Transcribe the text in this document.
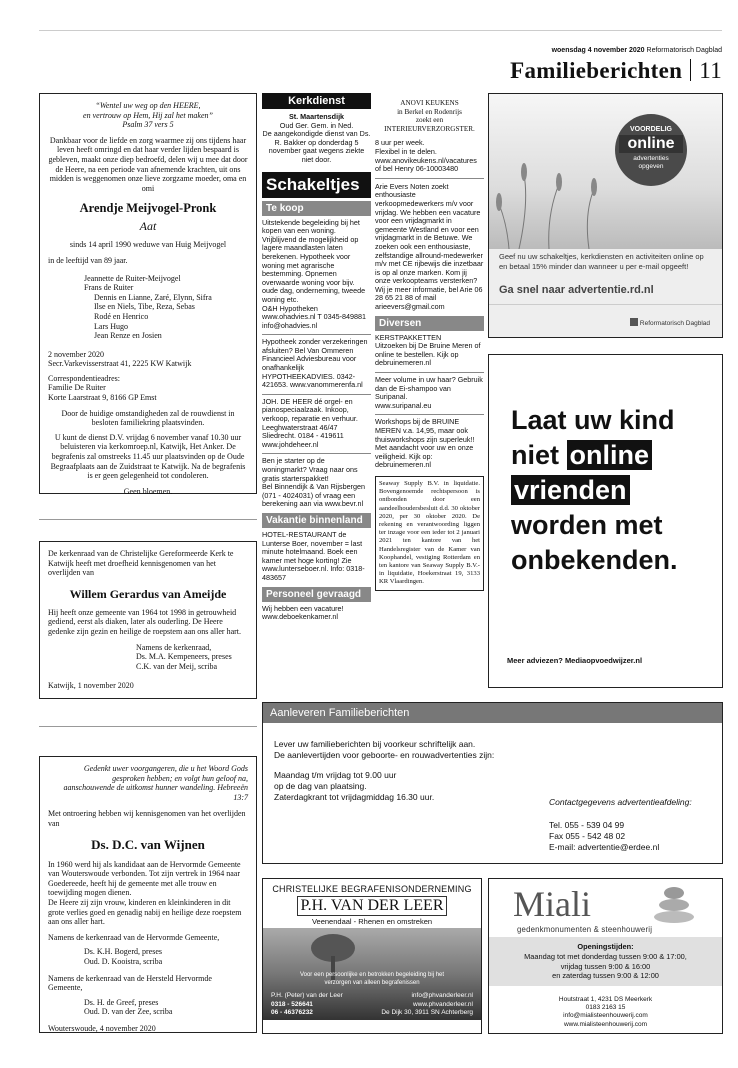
woensdag 4 november 2020 Reformatorisch Dagblad
Familieberichten 11
“Wentel uw weg op den HEERE,
en vertrouw op Hem, Hij zal het maken”
Psalm 37 vers 5
Dankbaar voor de liefde en zorg waarmee zij ons tijdens haar leven heeft omringd en dat haar verder lijden bespaard is gebleven, maakt onze diep bedroefd, delen wij u mee dat door de Heere, na een periode van afnemende krachten, uit ons midden is weggenomen onze lieve zorgzame moeder, oma en omi
Arendje Meijvogel-Pronk
Aat
sinds 14 april 1990 weduwe van Huig Meijvogel
in de leeftijd van 89 jaar.
Jeannette de Ruiter-Meijvogel
Frans de Ruiter
Dennis en Lianne, Zaré, Elynn, Sifra
Ilse en Niels, Tibe, Reza, Sebas
Rodé en Henrico
Lars Hugo
Jean Renze en Josien
2 november 2020
Secr.Varkevisserstraat 41, 2225 KW Katwijk
Correspondentieadres:
Familie De Ruiter
Korte Laarstraat 9, 8166 GP Emst
Door de huidige omstandigheden zal de rouwdienst in besloten familiekring plaatsvinden.
U kunt de dienst D.V. vrijdag 6 november vanaf 10.30 uur beluisteren via kerkomroep.nl, Katwijk, Het Anker. De begrafenis zal omstreeks 11.45 uur plaatsvinden op de Oude Begraafplaats aan de Zuidstraat te Katwijk. Na de begrafenis is er geen gelegenheid tot condoleren.
Geen bloemen.
De kerkenraad van de Christelijke Gereformeerde Kerk te Katwijk heeft met droefheid kennisgenomen van het overlijden van
Willem Gerardus van Ameijde
Hij heeft onze gemeente van 1964 tot 1998 in getrouwheid gediend, eerst als diaken, later als ouderling. De Heere gedenke zijn gezin en heilige de roepstem aan ons aller hart.
Namens de kerkenraad,
Ds. M.A. Kempeneers, preses
C.K. van der Meij, scriba
Katwijk, 1 november 2020
Gedenkt uwer voorgangeren, die u het Woord Gods gesproken hebben; en volgt hun geloof na, aanschouwende de uitkomst hunner wandeling. Hebreeën 13:7
Met ontroering hebben wij kennisgenomen van het overlijden van
Ds. D.C. van Wijnen
In 1960 werd hij als kandidaat aan de Hervormde Gemeente van Wouterswoude verbonden. Tot zijn vertrek in 1964 naar Goedereede, heeft hij de gemeente met alle trouw en toewijding mogen dienen.
De Heere zij zijn vrouw, kinderen en kleinkinderen in dit grote verlies goed en genadig nabij en heilige deze roepstem aan ons aller hart.
Namens de kerkenraad van de Hervormde Gemeente,
Ds. K.H. Bogerd, preses
Oud. D. Kooistra, scriba
Namens de kerkenraad van de Hersteld Hervormde Gemeente,
Ds. H. de Greef, preses
Oud. D. van der Zee, scriba
Wouterswoude, 4 november 2020
Kerkdienst
St. Maartensdijk
Oud Ger. Gem. in Ned.
De aangekondigde dienst van Ds. R. Bakker op donderdag 5 november gaat wegens ziekte niet door.
Schakeltjes
Te koop
Uitstekende begeleiding bij het kopen van een woning. Vrijblijvend de mogelijkheid op lagere maandlasten laten berekenen. Hypotheek voor woning met agrarische bestemming. Opnemen overwaarde woning voor bijv. oude dag, onderneming, tweede woning etc.
O&H Hypotheken
www.ohadvies.nl T 0345-849881 info@ohadvies.nl
Hypotheek zonder verzekeringen afsluiten? Bel Van Ommeren Financieel Adviesbureau voor onafhankelijk HYPOTHEEKADVIES. 0342-421653. www.vanommerenfa.nl
JOH. DE HEER dé orgel- en pianospeciaalzaak. Inkoop, verkoop, reparatie en verhuur. Leeghwaterstraat 46/47 Sliedrecht. 0184 - 419611 www.johdeheer.nl
Ben je starter op de woningmarkt? Vraag naar ons gratis starterspakket!
Bel Binnendijk & Van Rijsbergen (071 - 4024031) of vraag een berekening aan via www.bevr.nl
Vakantie binnenland
HOTEL-RESTAURANT de Lunterse Boer, november = last minute hotelmaand. Boek een kamer met hoge korting! Zie www.lunterseboer.nl. Info: 0318-483657
Personeel gevraagd
Wij hebben een vacature!
www.deboekenkamer.nl
ANOVI KEUKENS
in Berkel en Rodenrijs
zoekt een
INTERIEURVERZORGSTER.
8 uur per week.
Flexibel in te delen.
www.anovikeukens.nl/vacatures
of bel Henry 06-10003480
Arie Evers Noten zoekt enthousiaste verkoopmedewerkers m/v voor vrijdag. We hebben een vacature voor een vrijdagmarkt in gemeente Westland en voor een vrijdagmarkt in de Betuwe. We zoeken ook een enthousiaste, zelfstandige allround-medewerker m/v met CE rijbewijs die inzetbaar is op al onze marken. Kom jij onze verkoopteams versterken? Wij je meer informatie, bel Arie 06 28 65 21 88 of mail arieevers@gmail.com
Diversen
KERSTPAKKETTEN
Uitzoeken bij De Bruine Meren of online te bestellen. Kijk op debruinemeren.nl
Meer volume in uw haar? Gebruik dan de Ei-shampoo van Suripanal.
www.suripanal.eu
Workshops bij de BRUINE MEREN v.a. 14,95, maar ook thuisworkshops zijn superleuk!! Met aandacht voor uw en onze veiligheid. Kijk op: debruinemeren.nl
Seaway Supply B.V. in liquidatie. Bovengenoemde rechtspersoon is ontbonden door een aandeelhoudersbesluit d.d. 30 oktober 2020, per 30 oktober 2020. De rekening en verantwoording liggen ter inzage voor een ieder tot 2 januari 2021 ten kantore van het Handelsregister van de Kamer van Koophandel, vestiging Rotterdam en ten kantore van Seaway Supply B.V.-in liquidatie, Hoekerstraat 19, 3133 KR Vlaardingen.
VOORDELIG
online
advertenties opgeven
Geef nu uw schakeltjes, kerkdiensten en activiteiten online op en betaal 15% minder dan wanneer u per e-mail opgeeft!
Ga snel naar advertentie.rd.nl
Reformatorisch Dagblad
Laat uw kind
niet online
vrienden
worden met
onbekenden.
Meer adviezen? Mediaopvoedwijzer.nl
Aanleveren Familieberichten
Lever uw familieberichten bij voorkeur schriftelijk aan.
De aanlevertijden voor geboorte- en rouwadvertenties zijn:
Maandag t/m vrijdag tot 9.00 uur
op de dag van plaatsing.
Zaterdagkrant tot vrijdagmiddag 16.30 uur.	Contactgegevens advertentieafdeling:
Tel. 055 - 539 04 99
Fax 055 - 542 48 02
E-mail: advertentie@erdee.nl
CHRISTELIJKE BEGRAFENISONDERNEMING
P.H. VAN DER LEER
Veenendaal - Rhenen en omstreken
Voor een persoonlijke en betrokken begeleiding bij het verzorgen van alleen begrafenissen
P.H. (Peter) van der Leer
0318 - 526641
06 - 46376232
info@phvanderleer.nl
www.phvanderleer.nl
De Dijk 30, 3911 SN Achterberg
Miali
gedenkmonumenten & steenhouwerij
Openingstijden:
Maandag tot met donderdag tussen 9:00 & 17:00,
vrijdag tussen 9:00 & 16:00
en zaterdag tussen 9:00 & 12:00
Houtstraat 1, 4231 DS Meerkerk
0183 2163 15
info@mialisteenhouwerij.com
www.mialisteenhouwerij.com
